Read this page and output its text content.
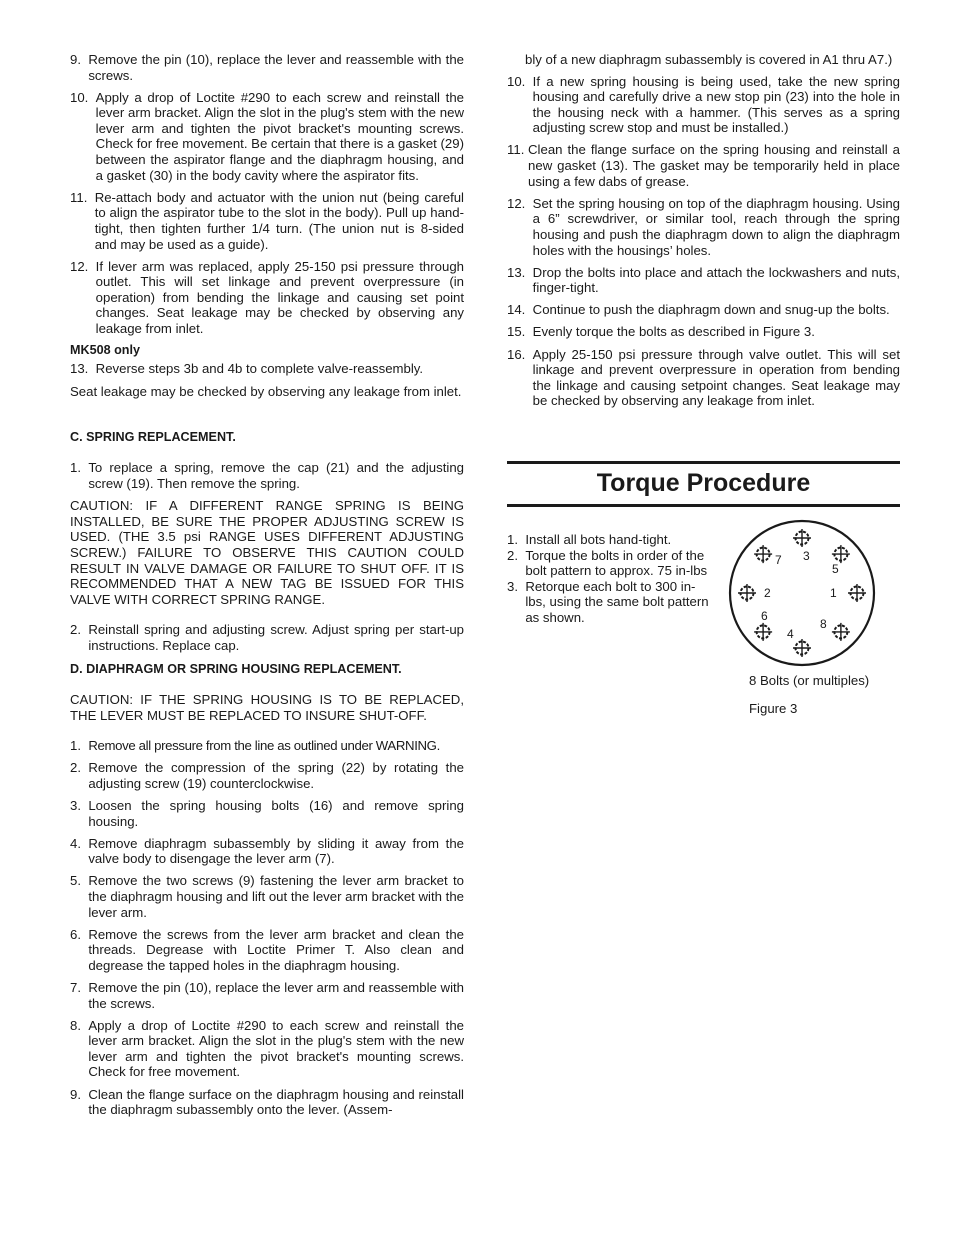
9. Remove the pin (10), replace the lever and reassemble with the screws.
10. Apply a drop of Loctite #290 to each screw and reinstall the lever arm bracket. Align the slot in the plug's stem with the new lever arm and tighten the pivot bracket's mounting screws. Check for free movement. Be certain that there is a gasket (29) between the aspirator flange and the diaphragm housing, and a gasket (30) in the body cavity where the aspirator fits.
11. Re-attach body and actuator with the union nut (being careful to align the aspirator tube to the slot in the body). Pull up hand-tight, then tighten further 1/4 turn. (The union nut is 8-sided and may be used as a guide).
12. If lever arm was replaced, apply 25-150 psi pressure through outlet. This will set linkage and prevent overpressure (in operation) from bending the linkage and causing set point changes. Seat leakage may be checked by observing any leakage from inlet.

MK508 only

13. Reverse steps 3b and 4b to complete valve-reassembly.

Seat leakage may be checked by observing any leakage from inlet.

C. SPRING REPLACEMENT.

1. To replace a spring, remove the cap (21) and the adjusting screw (19). Then remove the spring.

CAUTION: IF A DIFFERENT RANGE SPRING IS BEING INSTALLED, BE SURE THE PROPER ADJUSTING SCREW IS USED. (THE 3.5 psi RANGE USES DIFFERENT ADJUSTING SCREW.) FAILURE TO OBSERVE THIS CAUTION COULD RESULT IN VALVE DAMAGE OR FAILURE TO SHUT OFF. IT IS RECOMMENDED THAT A NEW TAG BE ISSUED FOR THIS VALVE WITH CORRECT SPRING RANGE.

2. Reinstall spring and adjusting screw. Adjust spring per start-up instructions. Replace cap.

D. DIAPHRAGM OR SPRING HOUSING REPLACEMENT.

CAUTION: IF THE SPRING HOUSING IS TO BE REPLACED, THE LEVER MUST BE REPLACED TO INSURE SHUT-OFF.

1. Remove all pressure from the line as outlined under WARNING.
2. Remove the compression of the spring (22) by rotating the adjusting screw (19) counterclockwise.
3. Loosen the spring housing bolts (16) and remove spring housing.
4. Remove diaphragm subassembly by sliding it away from the valve body to disengage the lever arm (7).
5. Remove the two screws (9) fastening the lever arm bracket to the diaphragm housing and lift out the lever arm bracket with the lever arm.
6. Remove the screws from the lever arm bracket and clean the threads. Degrease with Loctite Primer T. Also clean and degrease the tapped holes in the diaphragm housing.
7. Remove the pin (10), replace the lever arm and reassemble with the screws.
8. Apply a drop of Loctite #290 to each screw and reinstall the lever arm bracket. Align the slot in the plug's stem with the new lever arm and tighten the pivot bracket's mounting screws. Check for free movement.
9. Clean the flange surface on the diaphragm housing and reinstall the diaphragm subassembly onto the lever. (Assem-

bly of a new diaphragm subassembly is covered in A1 thru A7.)

10. If a new spring housing is being used, take the new spring housing and carefully drive a new stop pin (23) into the hole in the housing neck with a hammer. (This serves as a spring adjusting screw stop and must be installed.)
11. Clean the flange surface on the spring housing and reinstall a new gasket (13). The gasket may be temporarily held in place using a few dabs of grease.
12. Set the spring housing on top of the diaphragm housing. Using a 6” screwdriver, or similar tool, reach through the spring housing and push the diaphragm down to align the diaphragm holes with the housings’ holes.
13. Drop the bolts into place and attach the lockwashers and nuts, finger-tight.
14. Continue to push the diaphragm down and snug-up the bolts.
15. Evenly torque the bolts as described in Figure 3.
16. Apply 25-150 psi pressure through valve outlet. This will set linkage and prevent overpressure in operation from bending the linkage and causing setpoint changes. Seat leakage may be checked by observing any leakage from inlet.
Torque Procedure
1. Install all bots hand-tight.
2. Torque the bolts in order of the bolt pattern to approx. 75 in-lbs
3. Retorque each bolt to 300 in-lbs, using the same bolt pattern as shown.
1
2
3
4
5
6
7
8
8 Bolts (or multiples)
Figure 3
